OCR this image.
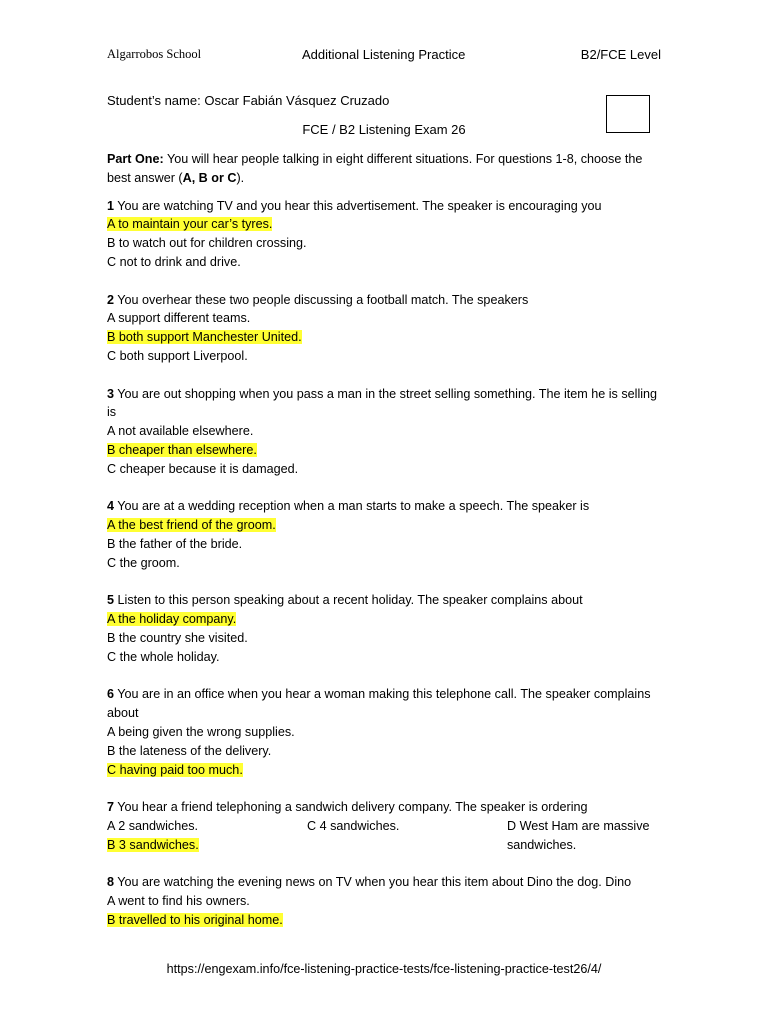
Algarrobos School	Additional Listening Practice	B2/FCE Level
Student’s name: Oscar Fabián Vásquez Cruzado
FCE / B2 Listening Exam 26

Part One: You will hear people talking in eight different situations. For questions 1-8, choose the best answer (A, B or C).

1 You are watching TV and you hear this advertisement. The speaker is encouraging you
A to maintain your car’s tyres.
B to watch out for children crossing.
C not to drink and drive.
2 You overhear these two people discussing a football match. The speakers
A support different teams.
B both support Manchester United.
C both support Liverpool.
3 You are out shopping when you pass a man in the street selling something. The item he is selling is
A not available elsewhere.
B cheaper than elsewhere.
C cheaper because it is damaged.
4 You are at a wedding reception when a man starts to make a speech. The speaker is
A the best friend of the groom.
B the father of the bride.
C the groom.
5 Listen to this person speaking about a recent holiday. The speaker complains about
A the holiday company.
B the country she visited.
C the whole holiday.
6 You are in an office when you hear a woman making this telephone call. The speaker complains about
A being given the wrong supplies.
B the lateness of the delivery.
C having paid too much.
7 You hear a friend telephoning a sandwich delivery company. The speaker is ordering
A 2 sandwiches.
B 3 sandwiches.
C 4 sandwiches.	D West Ham are massive
sandwiches.
8 You are watching the evening news on TV when you hear this item about Dino the dog. Dino
A went to find his owners.
B travelled to his original home.
https://engexam.info/fce-listening-practice-tests/fce-listening-practice-test26/4/
